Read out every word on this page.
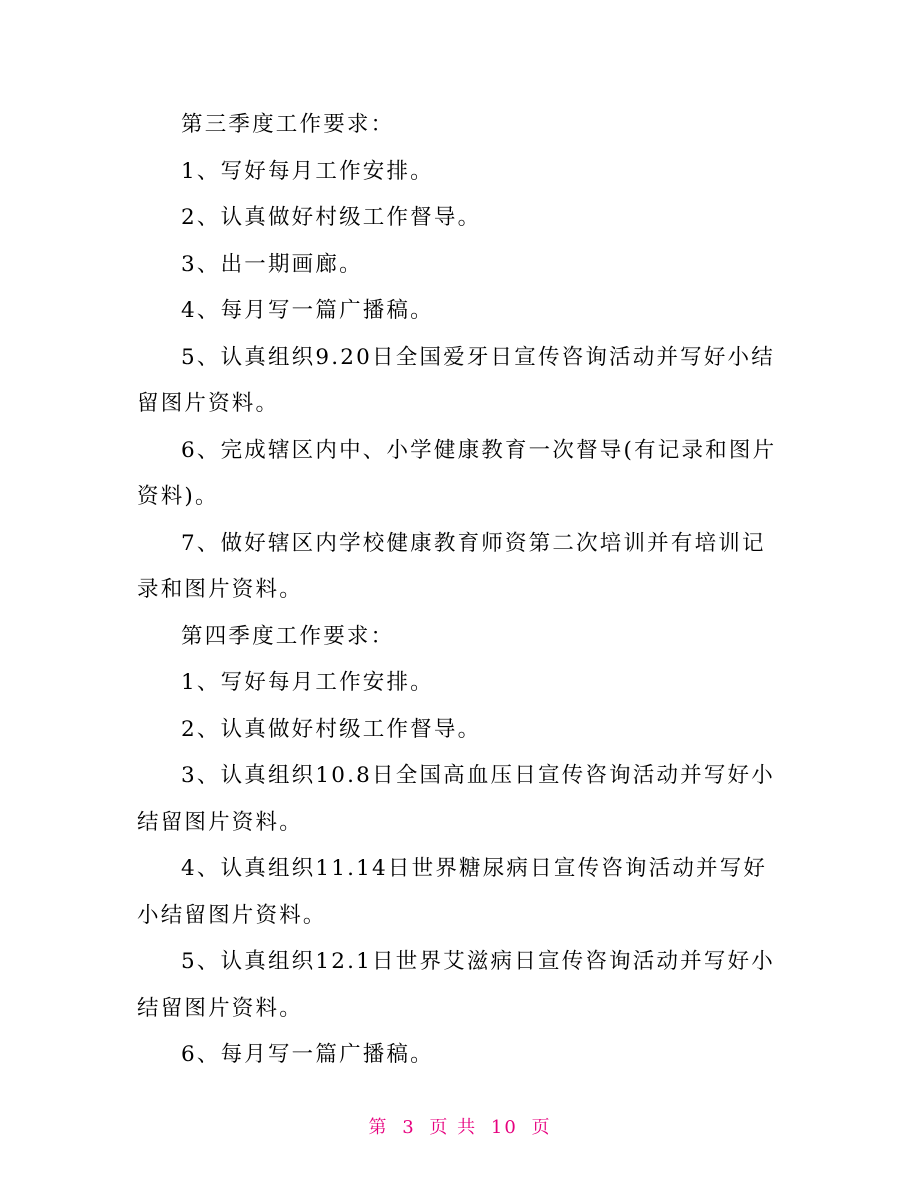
第三季度工作要求：

1、写好每月工作安排。

2、认真做好村级工作督导。

3、出一期画廊。

4、每月写一篇广播稿。

5、认真组织9.20日全国爱牙日宣传咨询活动并写好小结留图片资料。

6、完成辖区内中、小学健康教育一次督导(有记录和图片资料)。

7、做好辖区内学校健康教育师资第二次培训并有培训记录和图片资料。

第四季度工作要求：

1、写好每月工作安排。

2、认真做好村级工作督导。

3、认真组织10.8日全国高血压日宣传咨询活动并写好小结留图片资料。

4、认真组织11.14日世界糖尿病日宣传咨询活动并写好小结留图片资料。

5、认真组织12.1日世界艾滋病日宣传咨询活动并写好小结留图片资料。

6、每月写一篇广播稿。

第 3 页 共 10 页
